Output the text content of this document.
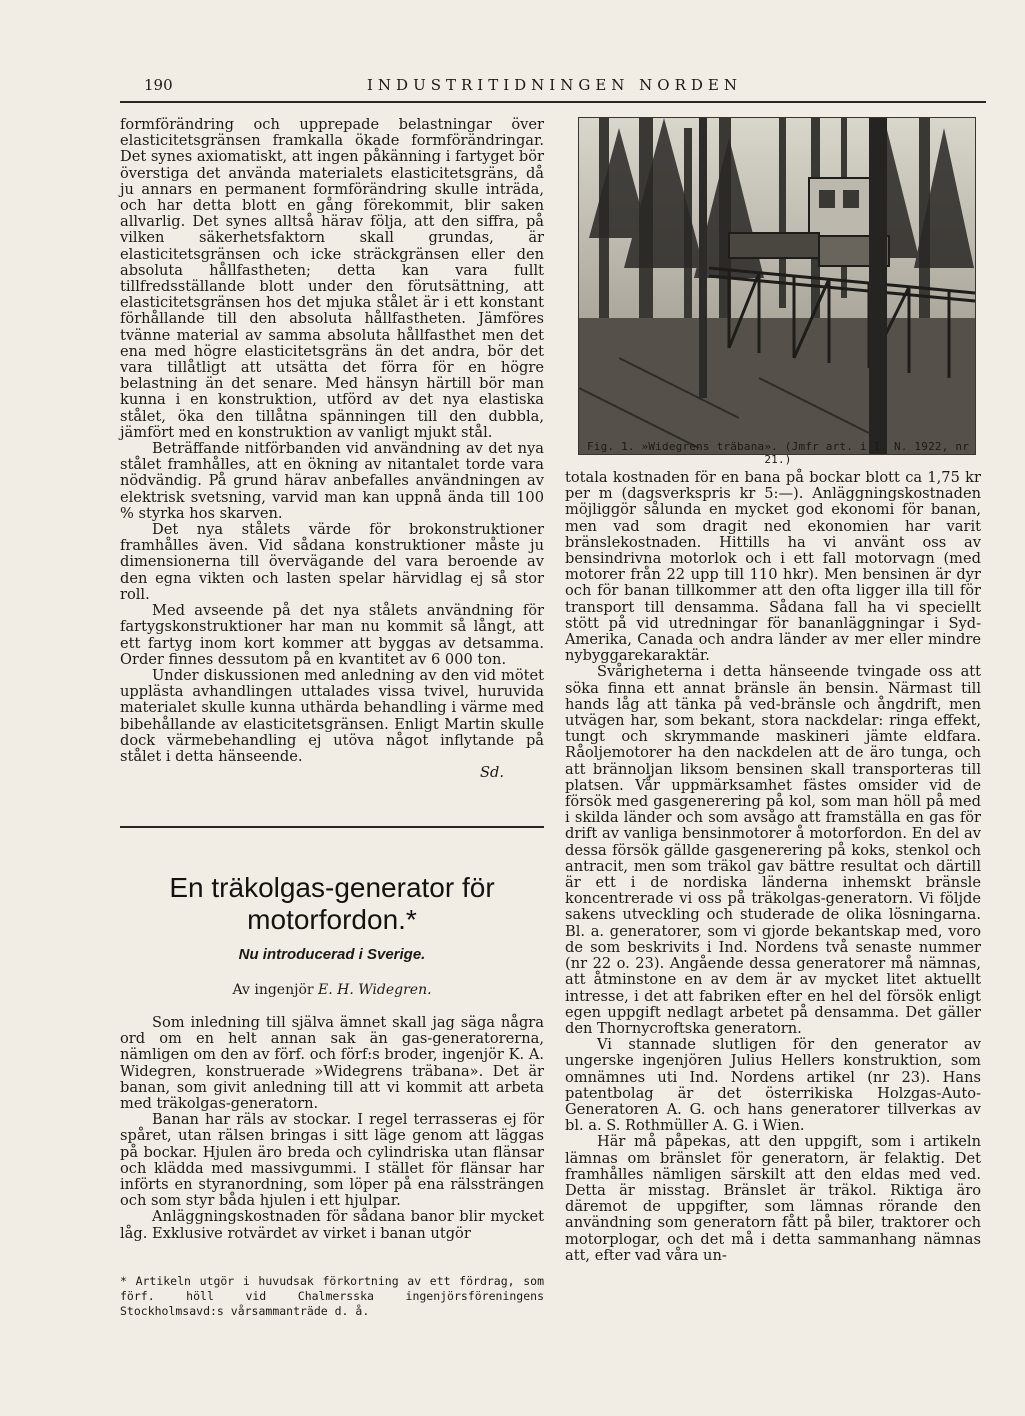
190	INDUSTRITIDNINGEN NORDEN

formförändring och upprepade belastningar över elasticitetsgränsen framkalla ökade formförändringar. Det synes axiomatiskt, att ingen påkänning i fartyget bör överstiga det använda materialets elasticitetsgräns, då ju annars en permanent formförändring skulle inträda, och har detta blott en gång förekommit, blir saken allvarlig. Det synes alltså härav följa, att den siffra, på vilken säkerhetsfaktorn skall grundas, är elasticitetsgränsen och icke sträckgränsen eller den absoluta hållfastheten; detta kan vara fullt tillfredsställande blott under den förutsättning, att elasticitetsgränsen hos det mjuka stålet är i ett konstant förhållande till den absoluta hållfastheten. Jämföres tvänne material av samma absoluta hållfasthet men det ena med högre elasticitetsgräns än det andra, bör det vara tillåtligt att utsätta det förra för en högre belastning än det senare. Med hänsyn härtill bör man kunna i en konstruktion, utförd av det nya elastiska stålet, öka den tillåtna spänningen till den dubbla, jämfört med en konstruktion av vanligt mjukt stål.

Beträffande nitförbanden vid användning av det nya stålet framhålles, att en ökning av nitantalet torde vara nödvändig. På grund härav anbefalles användningen av elektrisk svetsning, varvid man kan uppnå ända till 100 % styrka hos skarven.

Det nya stålets värde för brokonstruktioner framhålles även. Vid sådana konstruktioner måste ju dimensionerna till övervägande del vara beroende av den egna vikten och lasten spelar härvidlag ej så stor roll.

Med avseende på det nya stålets användning för fartygskonstruktioner har man nu kommit så långt, att ett fartyg inom kort kommer att byggas av detsamma. Order finnes dessutom på en kvantitet av 6 000 ton.

Under diskussionen med anledning av den vid mötet upplästa avhandlingen uttalades vissa tvivel, huruvida materialet skulle kunna uthärda behandling i värme med bibehållande av elasticitetsgränsen. Enligt Martin skulle dock värmebehandling ej utöva något inflytande på stålet i detta hänseende.

Sd.

En träkolgas-generator för motorfordon.*
Nu introducerad i Sverige.
Av ingenjör E. H. Widegren.

Som inledning till själva ämnet skall jag säga några ord om en helt annan sak än gas-generatorerna, nämligen om den av förf. och förf:s broder, ingenjör K. A. Widegren, konstruerade »Widegrens träbana». Det är banan, som givit anledning till att vi kommit att arbeta med träkolgas-generatorn.

Banan har räls av stockar. I regel terrasseras ej för spåret, utan rälsen bringas i sitt läge genom att läggas på bockar. Hjulen äro breda och cylindriska utan flänsar och klädda med massivgummi. I stället för flänsar har införts en styranordning, som löper på ena rälssträngen och som styr båda hjulen i ett hjulpar.

Anläggningskostnaden för sådana banor blir mycket låg. Exklusive rotvärdet av virket i banan utgör

* Artikeln utgör i huvudsak förkortning av ett fördrag, som förf. höll vid Chalmersska ingenjörsföreningens Stockholmsavd:s vårsammanträde d. å.
Fig. 1. »Widegrens träbana». (Jmfr art. i I. N. 1922, nr 21.)

totala kostnaden för en bana på bockar blott ca 1,75 kr per m (dagsverkspris kr 5:—). Anläggningskostnaden möjliggör sålunda en mycket god ekonomi för banan, men vad som dragit ned ekonomien har varit bränslekostnaden. Hittills ha vi använt oss av bensindrivna motorlok och i ett fall motorvagn (med motorer från 22 upp till 110 hkr). Men bensinen är dyr och för banan tillkommer att den ofta ligger illa till för transport till densamma. Sådana fall ha vi speciellt stött på vid utredningar för bananläggningar i Syd-Amerika, Canada och andra länder av mer eller mindre nybyggarekaraktär.

Svårigheterna i detta hänseende tvingade oss att söka finna ett annat bränsle än bensin. Närmast till hands låg att tänka på ved-bränsle och ångdrift, men utvägen har, som bekant, stora nackdelar: ringa effekt, tungt och skrymmande maskineri jämte eldfara. Råoljemotorer ha den nackdelen att de äro tunga, och att brännoljan liksom bensinen skall transporteras till platsen. Vår uppmärksamhet fästes omsider vid de försök med gasgenerering på kol, som man höll på med i skilda länder och som avsågo att framställa en gas för drift av vanliga bensinmotorer å motorfordon. En del av dessa försök gällde gasgenerering på koks, stenkol och antracit, men som träkol gav bättre resultat och därtill är ett i de nordiska länderna inhemskt bränsle koncentrerade vi oss på träkolgas-generatorn. Vi följde sakens utveckling och studerade de olika lösningarna. Bl. a. generatorer, som vi gjorde bekantskap med, voro de som beskrivits i Ind. Nordens två senaste nummer (nr 22 o. 23). Angående dessa generatorer må nämnas, att åtminstone en av dem är av mycket litet aktuellt intresse, i det att fabriken efter en hel del försök enligt egen uppgift nedlagt arbetet på densamma. Det gäller den Thornycroftska generatorn.

Vi stannade slutligen för den generator av ungerske ingenjören Julius Hellers konstruktion, som omnämnes uti Ind. Nordens artikel (nr 23). Hans patentbolag är det österrikiska Holzgas-Auto-Generatoren A. G. och hans generatorer tillverkas av bl. a. S. Rothmüller A. G. i Wien.

Här må påpekas, att den uppgift, som i artikeln lämnas om bränslet för generatorn, är felaktig. Det framhålles nämligen särskilt att den eldas med ved. Detta är misstag. Bränslet är träkol. Riktiga äro däremot de uppgifter, som lämnas rörande den användning som generatorn fått på biler, traktorer och motorplogar, och det må i detta sammanhang nämnas att, efter vad våra un-
